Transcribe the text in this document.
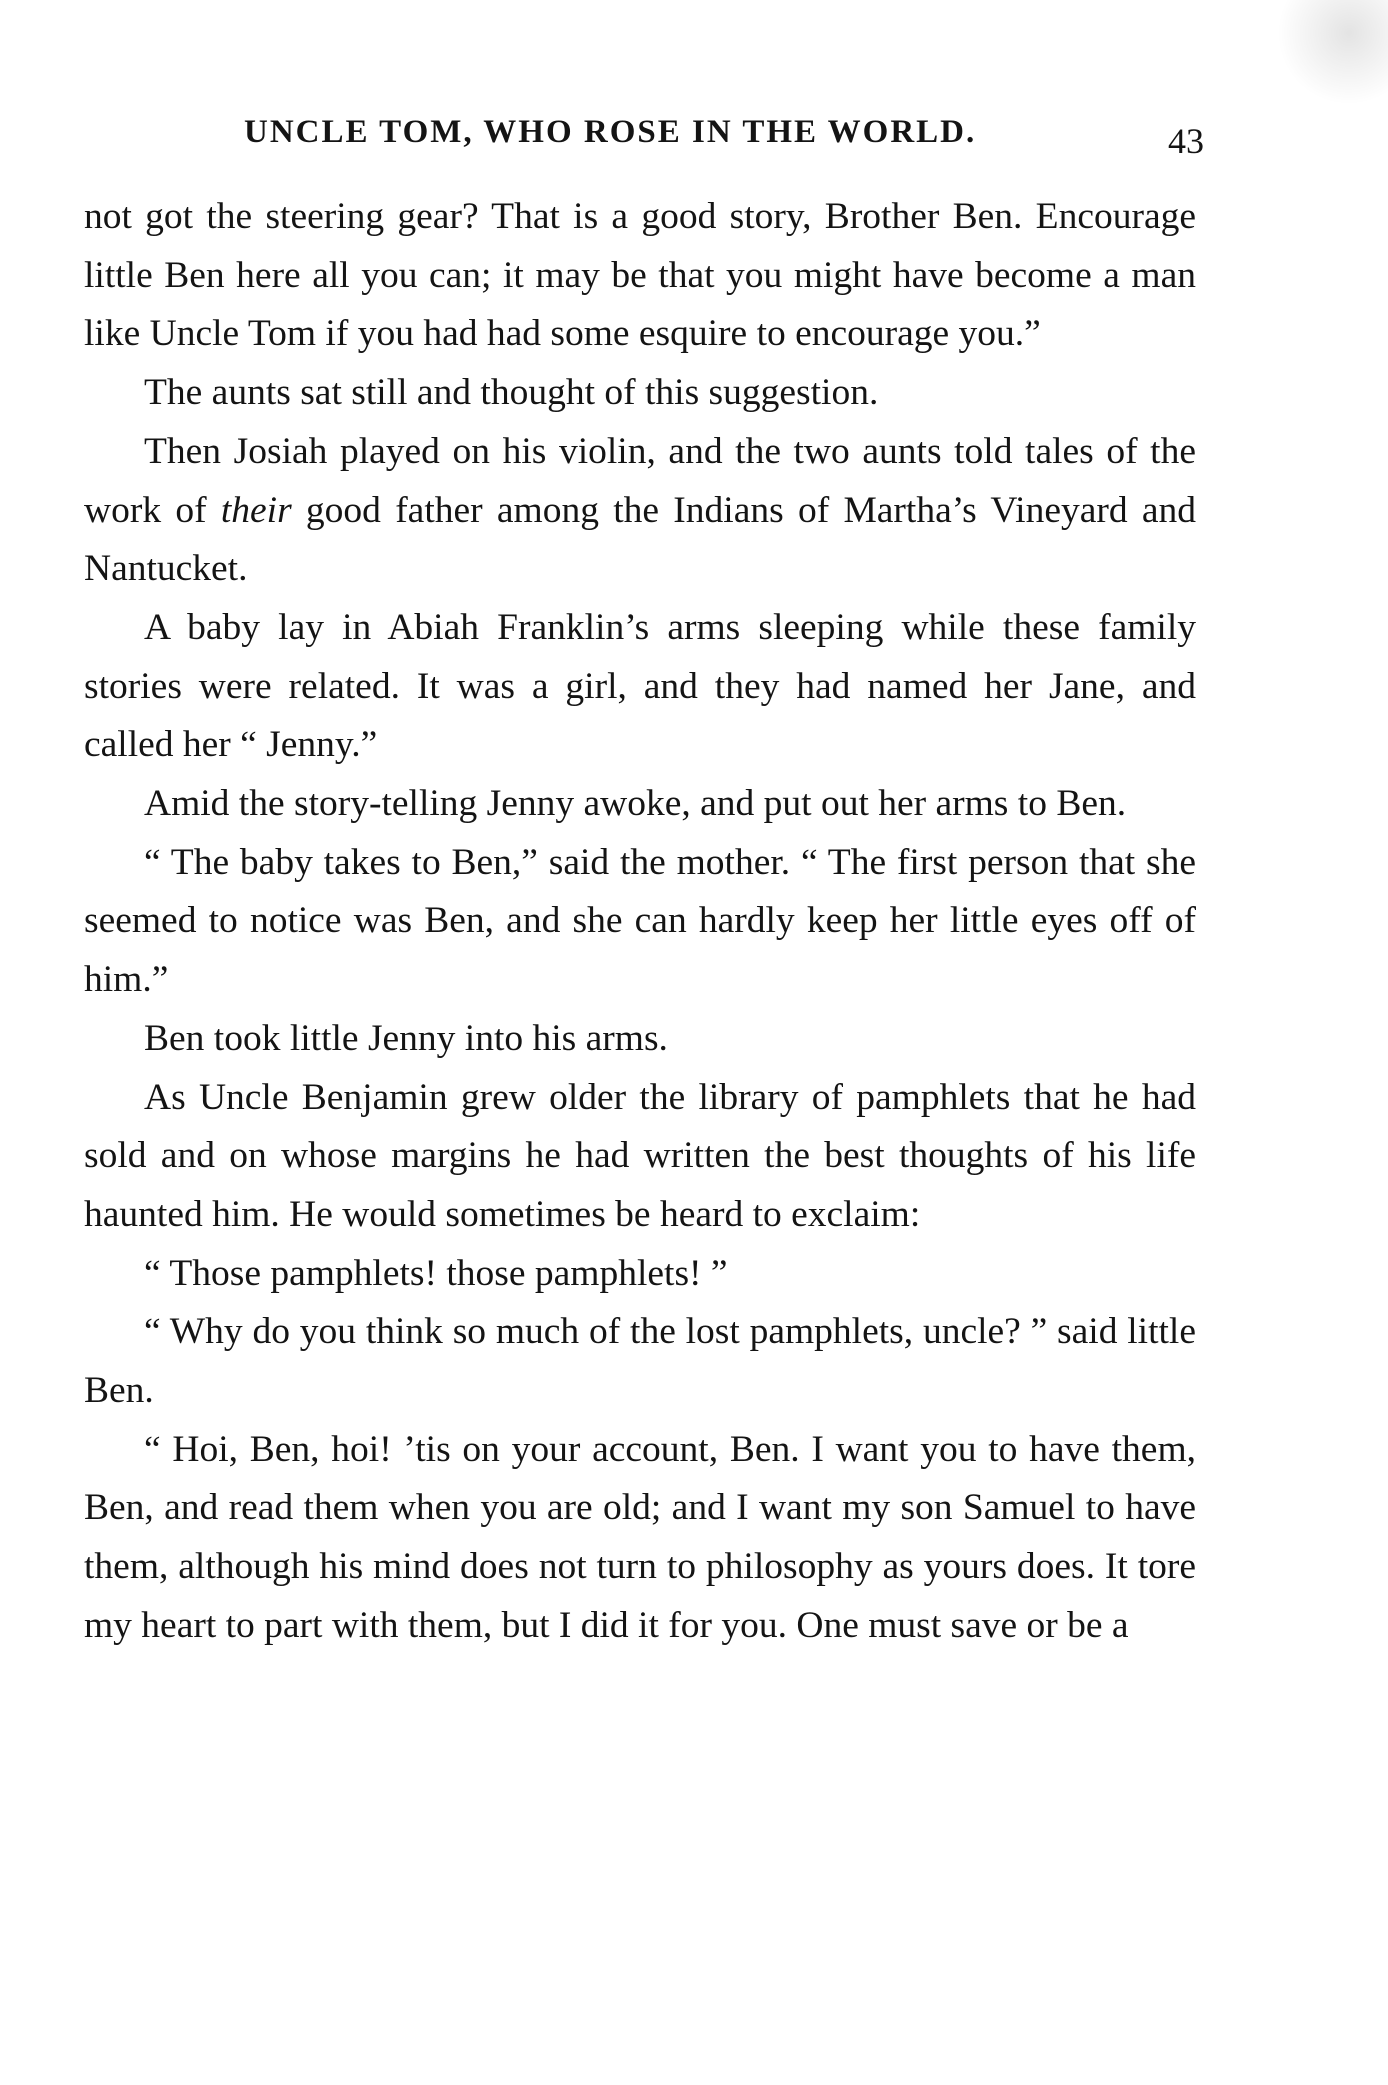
UNCLE TOM, WHO ROSE IN THE WORLD.	43

not got the steering gear? That is a good story, Brother Ben. Encourage little Ben here all you can; it may be that you might have become a man like Uncle Tom if you had had some esquire to encourage you.”

The aunts sat still and thought of this suggestion.

Then Josiah played on his violin, and the two aunts told tales of the work of their good father among the Indians of Martha’s Vineyard and Nantucket.

A baby lay in Abiah Franklin’s arms sleeping while these family stories were related. It was a girl, and they had named her Jane, and called her “ Jenny.”

Amid the story-telling Jenny awoke, and put out her arms to Ben.

“ The baby takes to Ben,” said the mother. “ The first person that she seemed to notice was Ben, and she can hardly keep her little eyes off of him.”

Ben took little Jenny into his arms.

As Uncle Benjamin grew older the library of pamphlets that he had sold and on whose margins he had written the best thoughts of his life haunted him. He would sometimes be heard to exclaim:

“ Those pamphlets! those pamphlets! ”

“ Why do you think so much of the lost pamphlets, uncle? ” said little Ben.

“ Hoi, Ben, hoi! ’tis on your account, Ben. I want you to have them, Ben, and read them when you are old; and I want my son Samuel to have them, although his mind does not turn to philosophy as yours does. It tore my heart to part with them, but I did it for you. One must save or be a
